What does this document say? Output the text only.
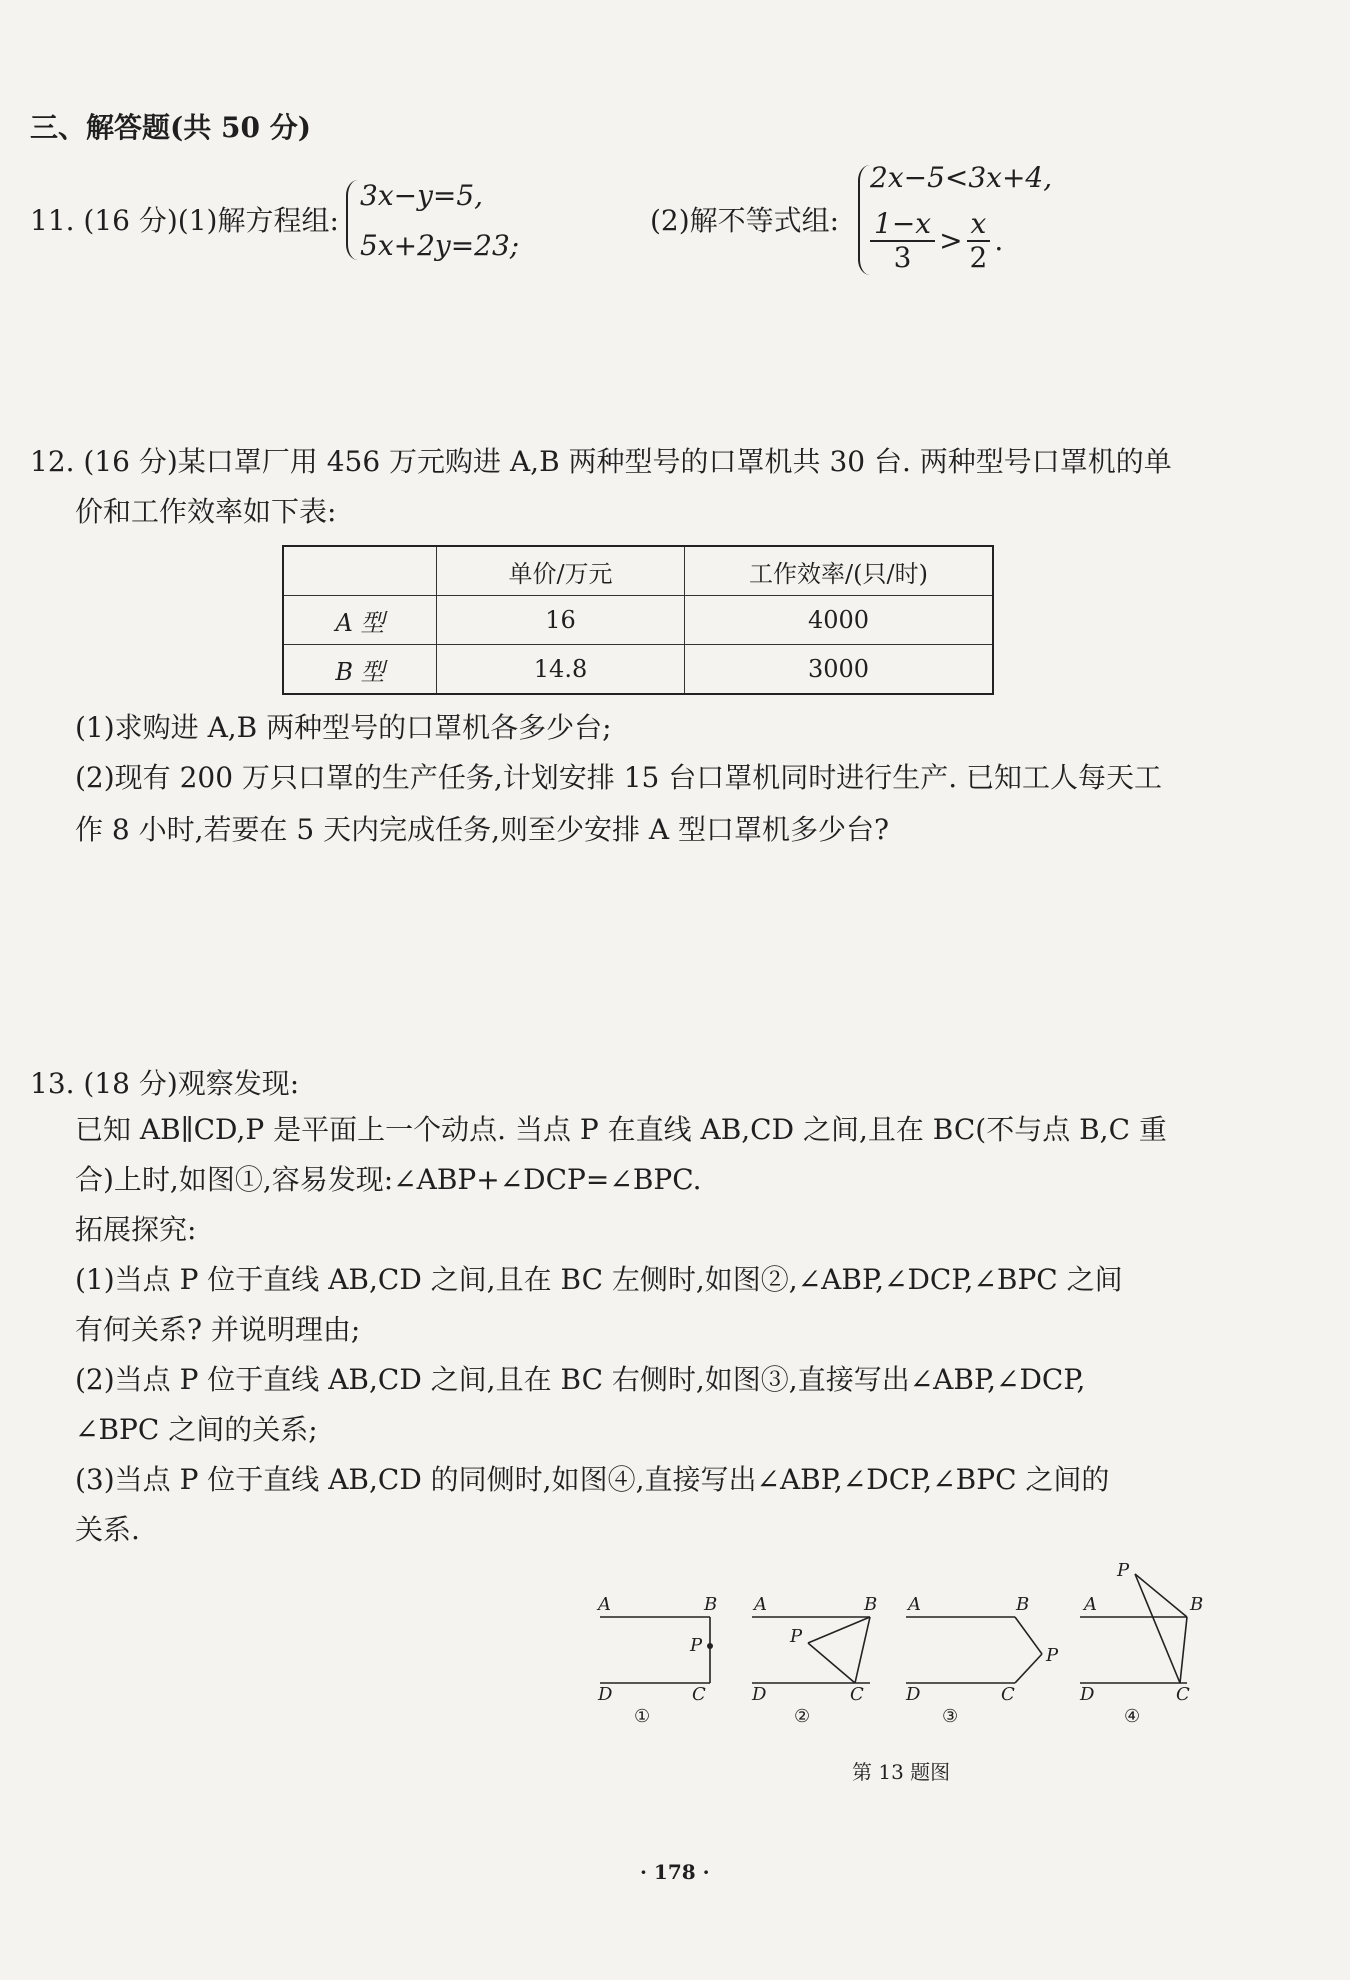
三、解答题(共 50 分)
11. (16 分)(1)解方程组:
3x−y=5,
5x+2y=23;
(2)解不等式组:
2x−5<3x+4,
$\frac{1-x}{3} > \frac{x}{2}$ .
12. (16 分)某口罩厂用 456 万元购进 A,B 两种型号的口罩机共 30 台. 两种型号口罩机的单
价和工作效率如下表:
	单价/万元	工作效率/(只/时)
A 型	16	4000
B 型	14.8	3000
(1)求购进 A,B 两种型号的口罩机各多少台;
(2)现有 200 万只口罩的生产任务,计划安排 15 台口罩机同时进行生产. 已知工人每天工
作 8 小时,若要在 5 天内完成任务,则至少安排 A 型口罩机多少台?
13. (18 分)观察发现:
已知 AB∥CD,P 是平面上一个动点. 当点 P 在直线 AB,CD 之间,且在 BC(不与点 B,C 重
合)上时,如图①,容易发现:∠ABP+∠DCP=∠BPC.
拓展探究:
(1)当点 P 位于直线 AB,CD 之间,且在 BC 左侧时,如图②,∠ABP,∠DCP,∠BPC 之间
有何关系? 并说明理由;
(2)当点 P 位于直线 AB,CD 之间,且在 BC 右侧时,如图③,直接写出∠ABP,∠DCP,
∠BPC 之间的关系;
(3)当点 P 位于直线 AB,CD 的同侧时,如图④,直接写出∠ABP,∠DCP,∠BPC 之间的
关系.
A	B
P
D	C
①
A	B
P
D	C
②
A	B
P
D	C
③
P
A	B
D	C
④
第 13 题图
· 178 ·
